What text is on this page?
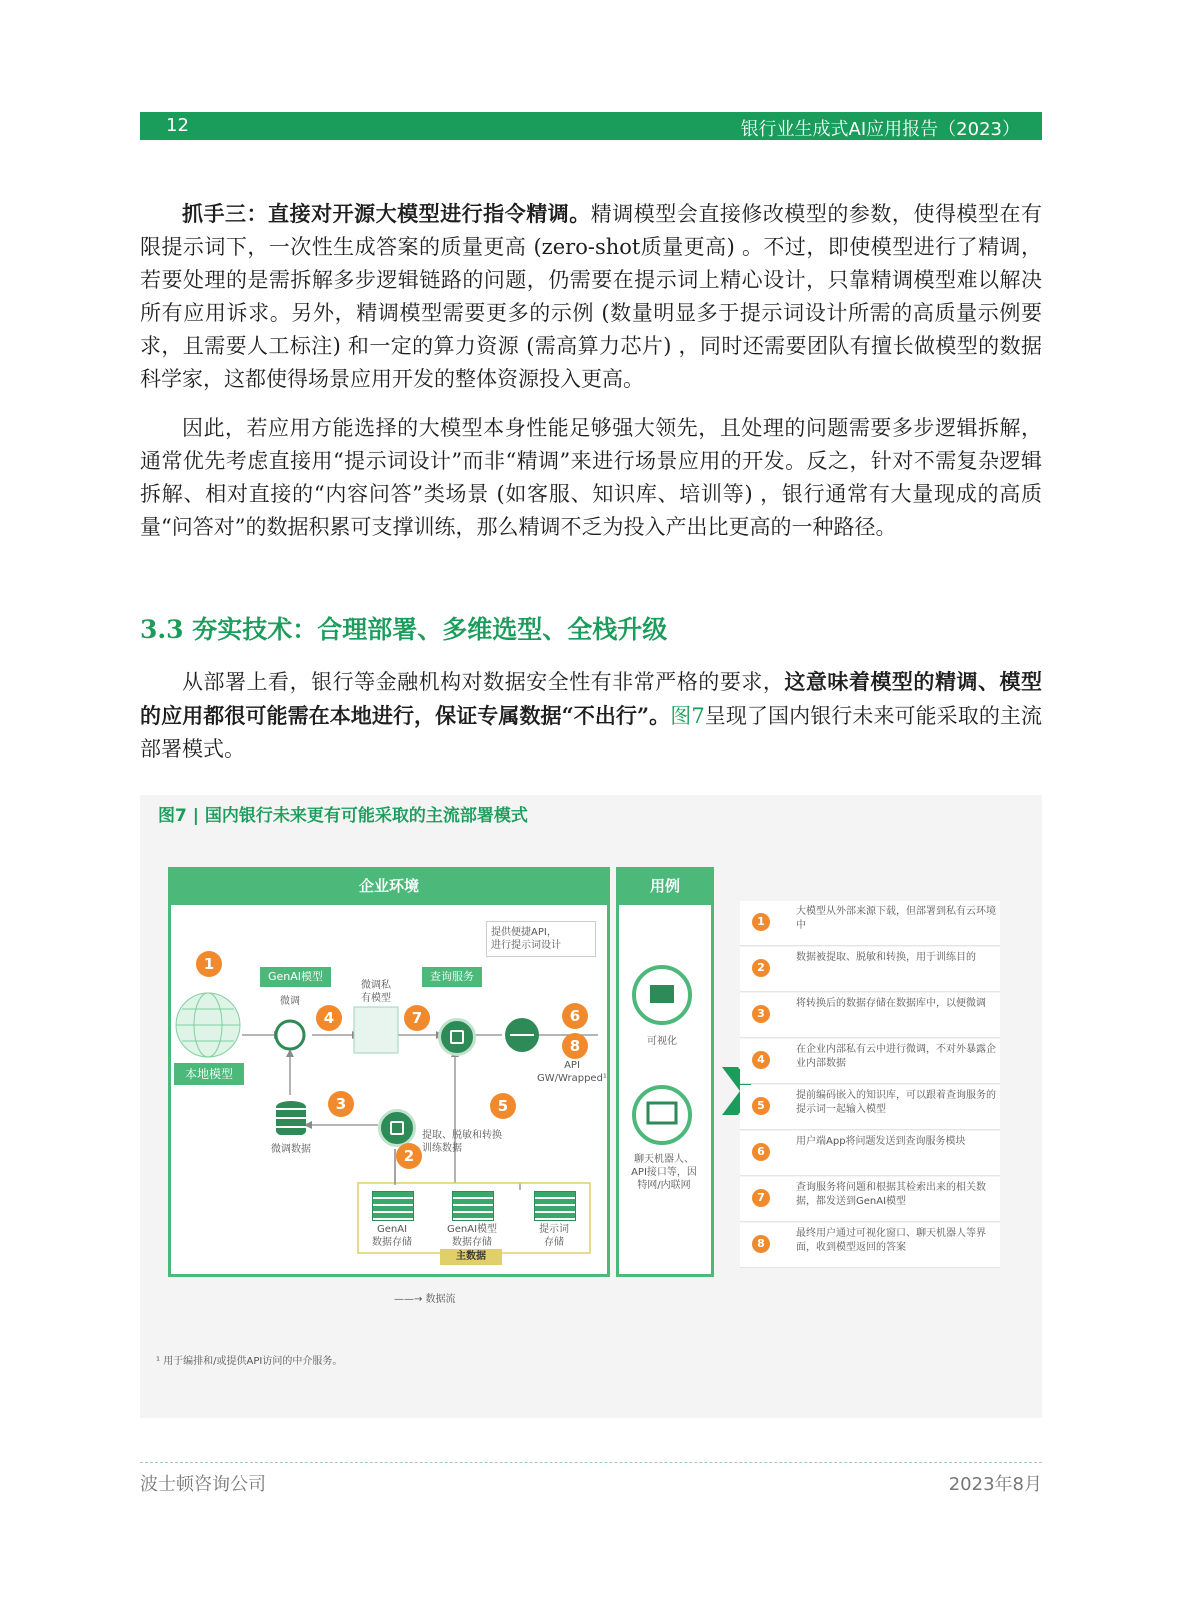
12	银行业生成式AI应用报告（2023）
抓手三：直接对开源大模型进行指令精调。精调模型会直接修改模型的参数，使得模型在有限提示词下，一次性生成答案的质量更高 (zero-shot质量更高) 。不过，即使模型进行了精调，若要处理的是需拆解多步逻辑链路的问题，仍需要在提示词上精心设计，只靠精调模型难以解决所有应用诉求。另外，精调模型需要更多的示例 (数量明显多于提示词设计所需的高质量示例要求，且需要人工标注) 和一定的算力资源 (需高算力芯片) ，同时还需要团队有擅长做模型的数据科学家，这都使得场景应用开发的整体资源投入更高。
因此，若应用方能选择的大模型本身性能足够强大领先，且处理的问题需要多步逻辑拆解，通常优先考虑直接用“提示词设计”而非“精调”来进行场景应用的开发。反之，针对不需复杂逻辑拆解、相对直接的“内容问答”类场景 (如客服、知识库、培训等) ，银行通常有大量现成的高质量“问答对”的数据积累可支撑训练，那么精调不乏为投入产出比更高的一种路径。
3.3 夯实技术：合理部署、多维选型、全栈升级
从部署上看，银行等金融机构对数据安全性有非常严格的要求，这意味着模型的精调、模型的应用都很可能需在本地进行，保证专属数据“不出行”。图7呈现了国内银行未来可能采取的主流部署模式。
图7 | 国内银行未来更有可能采取的主流部署模式
企业环境	用例
本地模型
GenAI模型	查询服务
微调
微调私
有模型
提供便捷API，
进行提示词设计
API
GW/Wrapped¹
微调数据
提取、脱敏和转换
训练数据
GenAI
数据存储
GenAI模型
数据存储
提示词
存储
主数据
可视化
聊天机器人、
API接口等，因
特网/内联网
1
4	7	6
8
3	5
2
1
大模型从外部来源下载，但部署到私有云环境中
2
数据被提取、脱敏和转换，用于训练目的
3
将转换后的数据存储在数据库中，以便微调
4
在企业内部私有云中进行微调，不对外暴露企业内部数据
5
提前编码嵌入的知识库，可以跟着查询服务的提示词一起输入模型
6
用户端App将问题发送到查询服务模块
7
查询服务将问题和根据其检索出来的相关数据，都发送到GenAI模型
8
最终用户通过可视化窗口、聊天机器人等界面，收到模型返回的答案
——→ 数据流
¹ 用于编排和/或提供API访问的中介服务。
波士顿咨询公司	2023年8月
